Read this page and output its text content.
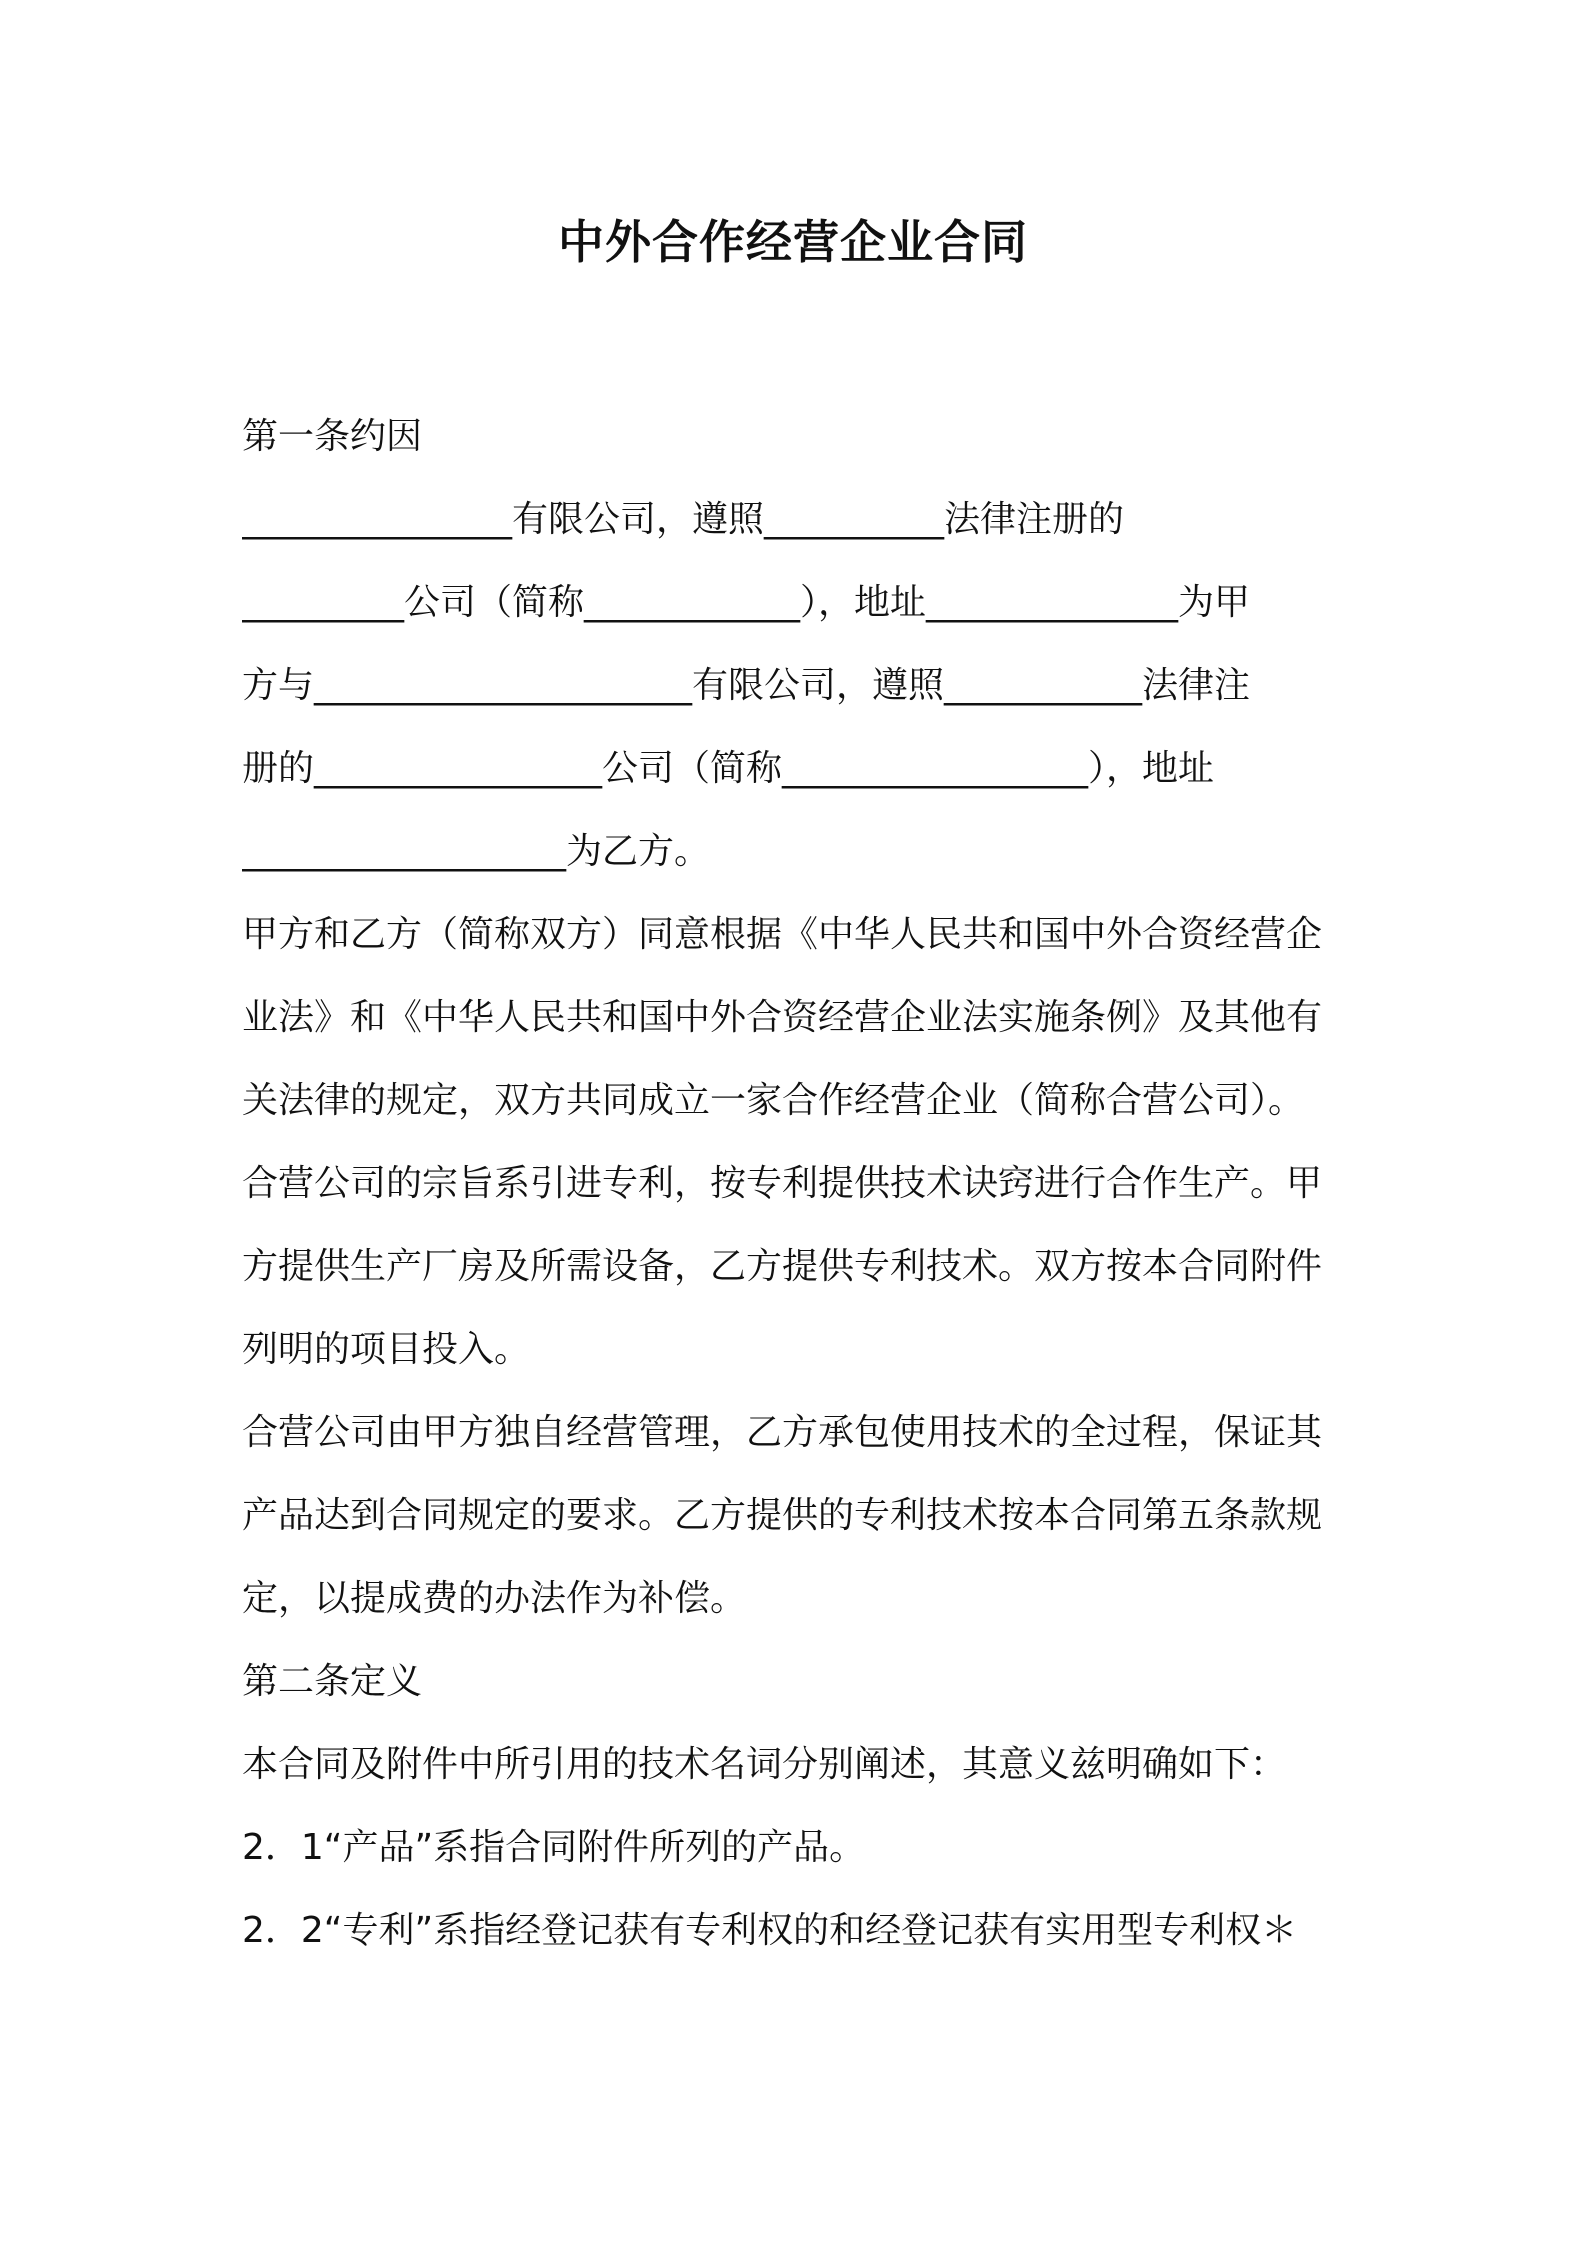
中外合作经营企业合同
第一条约因
_______________有限公司，遵照__________法律注册的
_________公司（简称____________），地址______________为甲
方与_____________________有限公司，遵照___________法律注
册的________________公司（简称_________________），地址
__________________为乙方。
甲方和乙方（简称双方）同意根据《中华人民共和国中外合资经营企
业法》和《中华人民共和国中外合资经营企业法实施条例》及其他有
关法律的规定，双方共同成立一家合作经营企业（简称合营公司）。
合营公司的宗旨系引进专利，按专利提供技术诀窍进行合作生产。甲
方提供生产厂房及所需设备，乙方提供专利技术。双方按本合同附件
列明的项目投入。
合营公司由甲方独自经营管理，乙方承包使用技术的全过程，保证其
产品达到合同规定的要求。乙方提供的专利技术按本合同第五条款规
定，以提成费的办法作为补偿。
第二条定义
本合同及附件中所引用的技术名词分别阐述，其意义兹明确如下：
2．1“产品”系指合同附件所列的产品。
2．2“专利”系指经登记获有专利权的和经登记获有实用型专利权＊
